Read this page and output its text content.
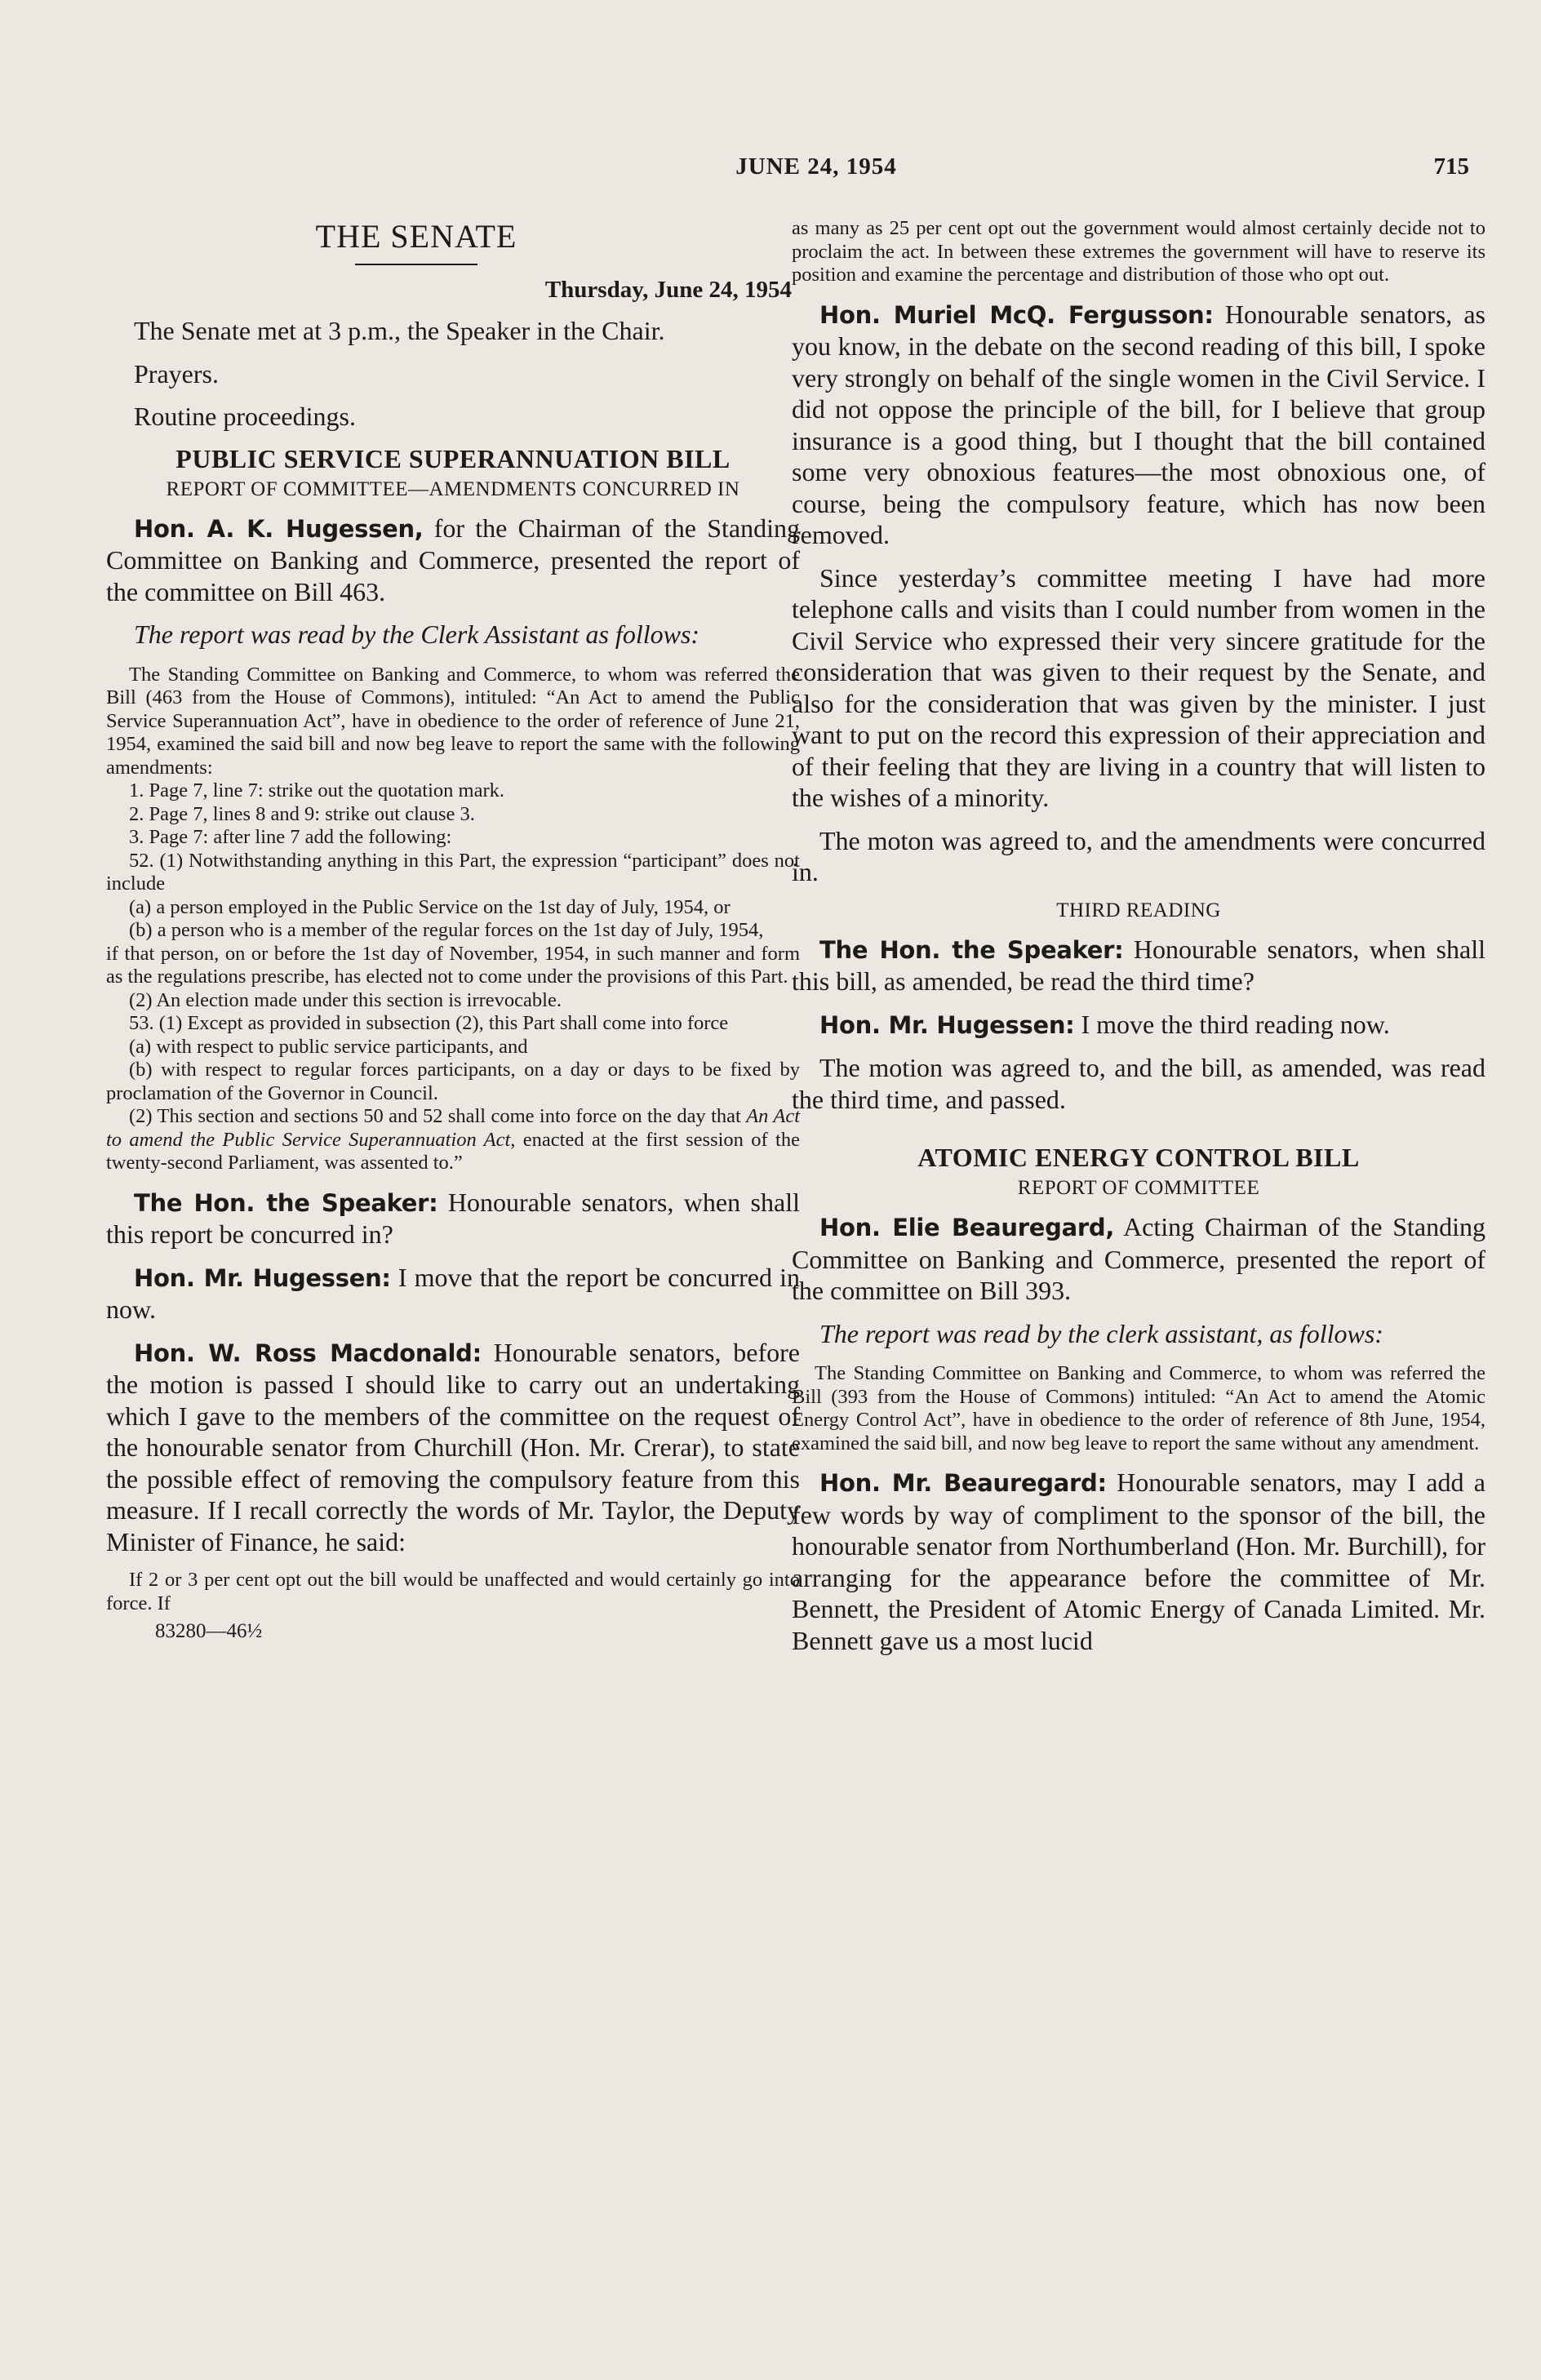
JUNE 24, 1954	715
THE SENATE
Thursday, June 24, 1954

The Senate met at 3 p.m., the Speaker in the Chair.

Prayers.

Routine proceedings.

PUBLIC SERVICE SUPERANNUATION BILL
REPORT OF COMMITTEE—AMENDMENTS CONCURRED IN

Hon. A. K. Hugessen, for the Chairman of the Standing Committee on Banking and Commerce, presented the report of the committee on Bill 463.

The report was read by the Clerk Assistant as follows:

The Standing Committee on Banking and Commerce, to whom was referred the Bill (463 from the House of Commons), intituled: “An Act to amend the Public Service Superannuation Act”, have in obedience to the order of reference of June 21, 1954, examined the said bill and now beg leave to report the same with the following amendments:

1. Page 7, line 7: strike out the quotation mark.

2. Page 7, lines 8 and 9: strike out clause 3.

3. Page 7: after line 7 add the following:

52. (1) Notwithstanding anything in this Part, the expression “participant” does not include

(a) a person employed in the Public Service on the 1st day of July, 1954, or

(b) a person who is a member of the regular forces on the 1st day of July, 1954,

if that person, on or before the 1st day of November, 1954, in such manner and form as the regulations prescribe, has elected not to come under the provisions of this Part.

(2) An election made under this section is irrevocable.

53. (1) Except as provided in subsection (2), this Part shall come into force

(a) with respect to public service participants, and

(b) with respect to regular forces participants, on a day or days to be fixed by proclamation of the Governor in Council.

(2) This section and sections 50 and 52 shall come into force on the day that An Act to amend the Public Service Superannuation Act, enacted at the first session of the twenty-second Parliament, was assented to.”

The Hon. the Speaker: Honourable senators, when shall this report be concurred in?

Hon. Mr. Hugessen: I move that the report be concurred in now.

Hon. W. Ross Macdonald: Honourable senators, before the motion is passed I should like to carry out an undertaking which I gave to the members of the committee on the request of the honourable senator from Churchill (Hon. Mr. Crerar), to state the possible effect of removing the compulsory feature from this measure. If I recall correctly the words of Mr. Taylor, the Deputy Minister of Finance, he said:

If 2 or 3 per cent opt out the bill would be unaffected and would certainly go into force. If

83280—46½

as many as 25 per cent opt out the government would almost certainly decide not to proclaim the act. In between these extremes the government will have to reserve its position and examine the percentage and distribution of those who opt out.

Hon. Muriel McQ. Fergusson: Honourable senators, as you know, in the debate on the second reading of this bill, I spoke very strongly on behalf of the single women in the Civil Service. I did not oppose the principle of the bill, for I believe that group insurance is a good thing, but I thought that the bill contained some very obnoxious features—the most obnoxious one, of course, being the compulsory feature, which has now been removed.

Since yesterday’s committee meeting I have had more telephone calls and visits than I could number from women in the Civil Service who expressed their very sincere gratitude for the consideration that was given to their request by the Senate, and also for the consideration that was given by the minister. I just want to put on the record this expression of their appreciation and of their feeling that they are living in a country that will listen to the wishes of a minority.

The moton was agreed to, and the amendments were concurred in.

THIRD READING

The Hon. the Speaker: Honourable senators, when shall this bill, as amended, be read the third time?

Hon. Mr. Hugessen: I move the third reading now.

The motion was agreed to, and the bill, as amended, was read the third time, and passed.

ATOMIC ENERGY CONTROL BILL
REPORT OF COMMITTEE

Hon. Elie Beauregard, Acting Chairman of the Standing Committee on Banking and Commerce, presented the report of the committee on Bill 393.

The report was read by the clerk assistant, as follows:

The Standing Committee on Banking and Commerce, to whom was referred the Bill (393 from the House of Commons) intituled: “An Act to amend the Atomic Energy Control Act”, have in obedience to the order of reference of 8th June, 1954, examined the said bill, and now beg leave to report the same without any amendment.

Hon. Mr. Beauregard: Honourable senators, may I add a few words by way of compliment to the sponsor of the bill, the honourable senator from Northumberland (Hon. Mr. Burchill), for arranging for the appearance before the committee of Mr. Bennett, the President of Atomic Energy of Canada Limited. Mr. Bennett gave us a most lucid
